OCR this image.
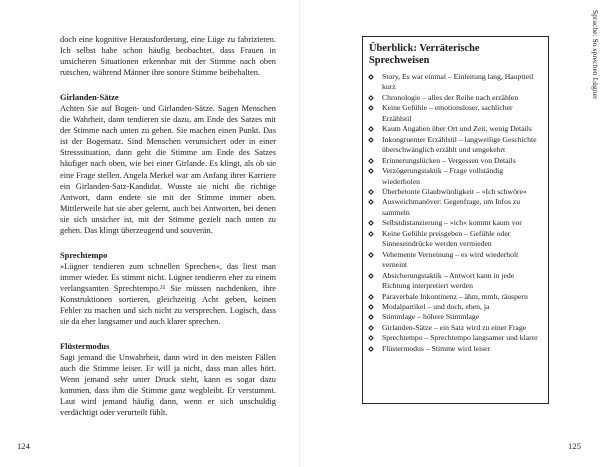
doch eine kognitive Herausforderung, eine Lüge zu fabrizieren. Ich selbst habe schon häufig beobachtet, dass Frauen in unsicheren Situationen erkennbar mit der Stimme nach oben rutschen, während Männer ihre sonore Stimme beibehalten.

Girlanden-Sätze

Achten Sie auf Bogen- und Girlanden-Sätze. Sagen Menschen die Wahrheit, dann tendieren sie dazu, am Ende des Satzes mit der Stimme nach unten zu gehen. Sie machen einen Punkt. Das ist der Bogensatz. Sind Menschen verunsichert oder in einer Stresssituation, dann geht die Stimme am Ende des Satzes häufiger nach oben, wie bei einer Girlande. Es klingt, als ob sie eine Frage stellen. Angela Merkel war am Anfang ihrer Karriere ein Girlanden-Satz-Kandidat. Wusste sie nicht die richtige Antwort, dann endete sie mit der Stimme immer oben. Mittlerweile hat sie aber gelernt, auch bei Antworten, bei denen sie sich unsicher ist, mit der Stimme gezielt nach unten zu gehen. Das klingt überzeugend und souverän.

Sprechtempo

»Lügner tendieren zum schnellen Sprechen«, das liest man immer wieder. Es stimmt nicht. Lügner tendieren eher zu einem verlangsamten Sprechtempo.²⁵ Sie müssen nachdenken, ihre Konstruktionen sortieren, gleichzeitig Acht geben, keinen Fehler zu machen und sich nicht zu versprechen. Logisch, dass sie da eher langsamer und auch klarer sprechen.

Flüstermodus

Sagt jemand die Unwahrheit, dann wird in den meisten Fällen auch die Stimme leiser. Er will ja nicht, dass man alles hört. Wenn jemand sehr unter Druck steht, kann es sogar dazu kommen, dass ihm die Stimme ganz wegbleibt. Er verstummt. Laut wird jemand häufig dann, wenn er sich unschuldig verdächtigt oder verurteilt fühlt.

124
Sprache: So sprechen Lügner
Überblick: Verräterische Sprechweisen
Story, Es war einmal – Einleitung lang, Hauptteil kurz
Chronologie – alles der Reihe nach erzählen
Keine Gefühle – emotionsloser, sachlicher Erzählstil
Kaum Angaben über Ort und Zeit, wenig Details
Inkongruenter Erzählstil – langweilige Geschichte überschwänglich erzählt und umgekehrt
Erinnerungslücken – Vergessen von Details
Verzögerungstaktik – Frage vollständig wiederholen
Überbetonte Glaubwürdigkeit – »Ich schwöre«
Ausweichmanöver: Gegenfrage, um Infos zu sammeln
Selbstdistanzierung – »ich« kommt kaum vor
Keine Gefühle preisgeben – Gefühle oder Sinneseindrücke werden vermieden
Vehemente Verneinung – es wird wiederholt verneint
Absicherungstaktik – Antwort kann in jede Richtung interpretiert werden
Paraverbale Inkontinenz – ähm, mmh, räuspern
Modalpartikel – und doch, eben, ja
Stimmlage – höhere Stimmlage
Girlanden-Sätze – ein Satz wird zu einer Frage
Sprechtempo – Sprechtempo langsamer und klarer
Flüstermodus – Stimme wird leiser
125
